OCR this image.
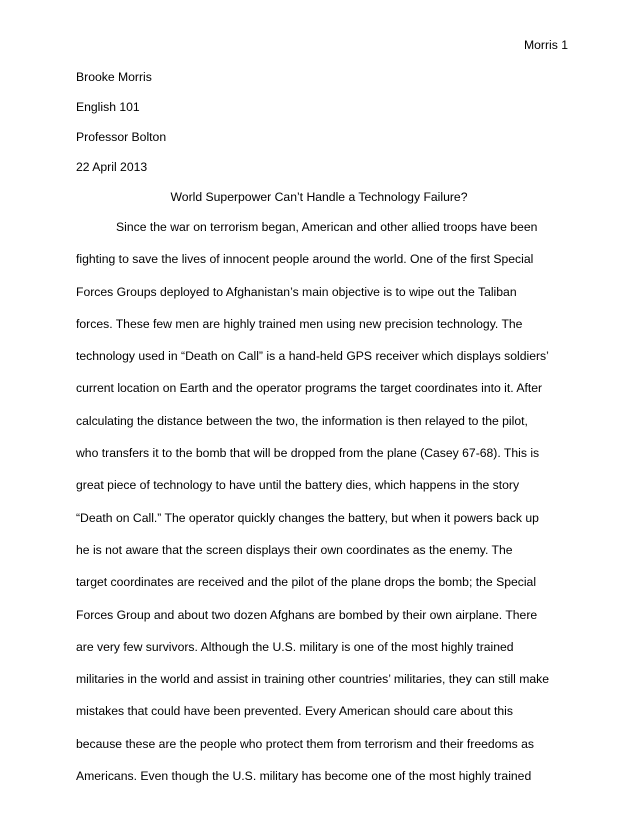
Morris 1
Brooke Morris
English 101
Professor Bolton
22 April 2013
World Superpower Can’t Handle a Technology Failure?
Since the war on terrorism began, American and other allied troops have been
fighting to save the lives of innocent people around the world. One of the first Special
Forces Groups deployed to Afghanistan’s main objective is to wipe out the Taliban
forces. These few men are highly trained men using new precision technology. The
technology used in “Death on Call” is a hand-held GPS receiver which displays soldiers’
current location on Earth and the operator programs the target coordinates into it. After
calculating the distance between the two, the information is then relayed to the pilot,
who transfers it to the bomb that will be dropped from the plane (Casey 67-68). This is
great piece of technology to have until the battery dies, which happens in the story
“Death on Call.” The operator quickly changes the battery, but when it powers back up
he is not aware that the screen displays their own coordinates as the enemy. The
target coordinates are received and the pilot of the plane drops the bomb; the Special
Forces Group and about two dozen Afghans are bombed by their own airplane. There
are very few survivors. Although the U.S. military is one of the most highly trained
militaries in the world and assist in training other countries’ militaries, they can still make
mistakes that could have been prevented. Every American should care about this
because these are the people who protect them from terrorism and their freedoms as
Americans. Even though the U.S. military has become one of the most highly trained
